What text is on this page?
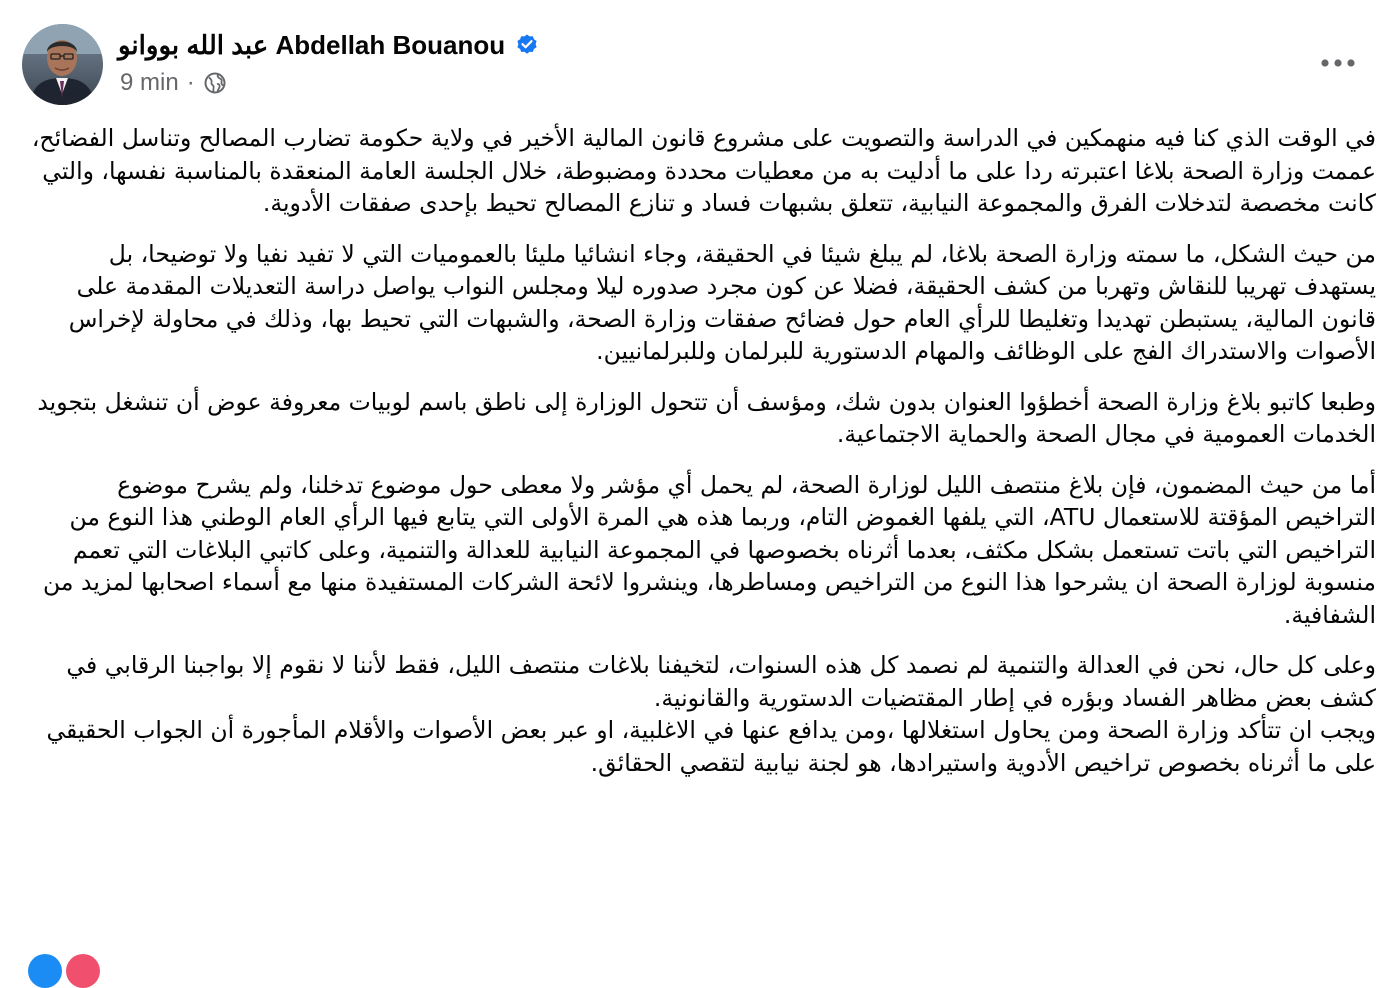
عبد الله بووانو Abdellah Bouanou
9 min ·

في الوقت الذي كنا فيه منهمكين في الدراسة والتصويت على مشروع قانون المالية الأخير في ولاية حكومة تضارب المصالح وتناسل الفضائح، عممت وزارة الصحة بلاغا اعتبرته ردا على ما أدليت به من معطيات محددة ومضبوطة، خلال الجلسة العامة المنعقدة بالمناسبة نفسها، والتي كانت مخصصة لتدخلات الفرق والمجموعة النيابية، تتعلق بشبهات فساد و تنازع المصالح تحيط بإحدى صفقات الأدوية.

من حيث الشكل، ما سمته وزارة الصحة بلاغا، لم يبلغ شيئا في الحقيقة، وجاء انشائيا مليئا بالعموميات التي لا تفيد نفيا ولا توضيحا، بل يستهدف تهريبا للنقاش وتهربا من كشف الحقيقة، فضلا عن كون مجرد صدوره ليلا ومجلس النواب يواصل دراسة التعديلات المقدمة على قانون المالية، يستبطن تهديدا وتغليطا للرأي العام حول فضائح صفقات وزارة الصحة، والشبهات التي تحيط بها، وذلك في محاولة لإخراس الأصوات والاستدراك الفج على الوظائف والمهام الدستورية للبرلمان وللبرلمانيين.

وطبعا كاتبو بلاغ وزارة الصحة أخطؤوا العنوان بدون شك، ومؤسف أن تتحول الوزارة إلى ناطق باسم لوبيات معروفة عوض أن تنشغل بتجويد الخدمات العمومية في مجال الصحة والحماية الاجتماعية.

أما من حيث المضمون، فإن بلاغ منتصف الليل لوزارة الصحة، لم يحمل أي مؤشر ولا معطى حول موضوع تدخلنا، ولم يشرح موضوع التراخيص المؤقتة للاستعمال ATU، التي يلفها الغموض التام، وربما هذه هي المرة الأولى التي يتابع فيها الرأي العام الوطني هذا النوع من التراخيص التي باتت تستعمل بشكل مكثف، بعدما أثرناه بخصوصها في المجموعة النيابية للعدالة والتنمية، وعلى كاتبي البلاغات التي تعمم منسوبة لوزارة الصحة ان يشرحوا هذا النوع من التراخيص ومساطرها، وينشروا لائحة الشركات المستفيدة منها مع أسماء اصحابها لمزيد من الشفافية.

وعلى كل حال، نحن في العدالة والتنمية لم نصمد كل هذه السنوات، لتخيفنا بلاغات منتصف الليل، فقط لأننا لا نقوم إلا بواجبنا الرقابي في كشف بعض مظاهر الفساد وبؤره في إطار المقتضيات الدستورية والقانونية.

ويجب ان تتأكد وزارة الصحة ومن يحاول استغلالها ،ومن يدافع عنها في الاغلبية، او عبر بعض الأصوات والأقلام المأجورة أن الجواب الحقيقي على ما أثرناه بخصوص تراخيص الأدوية واستيرادها، هو لجنة نيابية لتقصي الحقائق.
